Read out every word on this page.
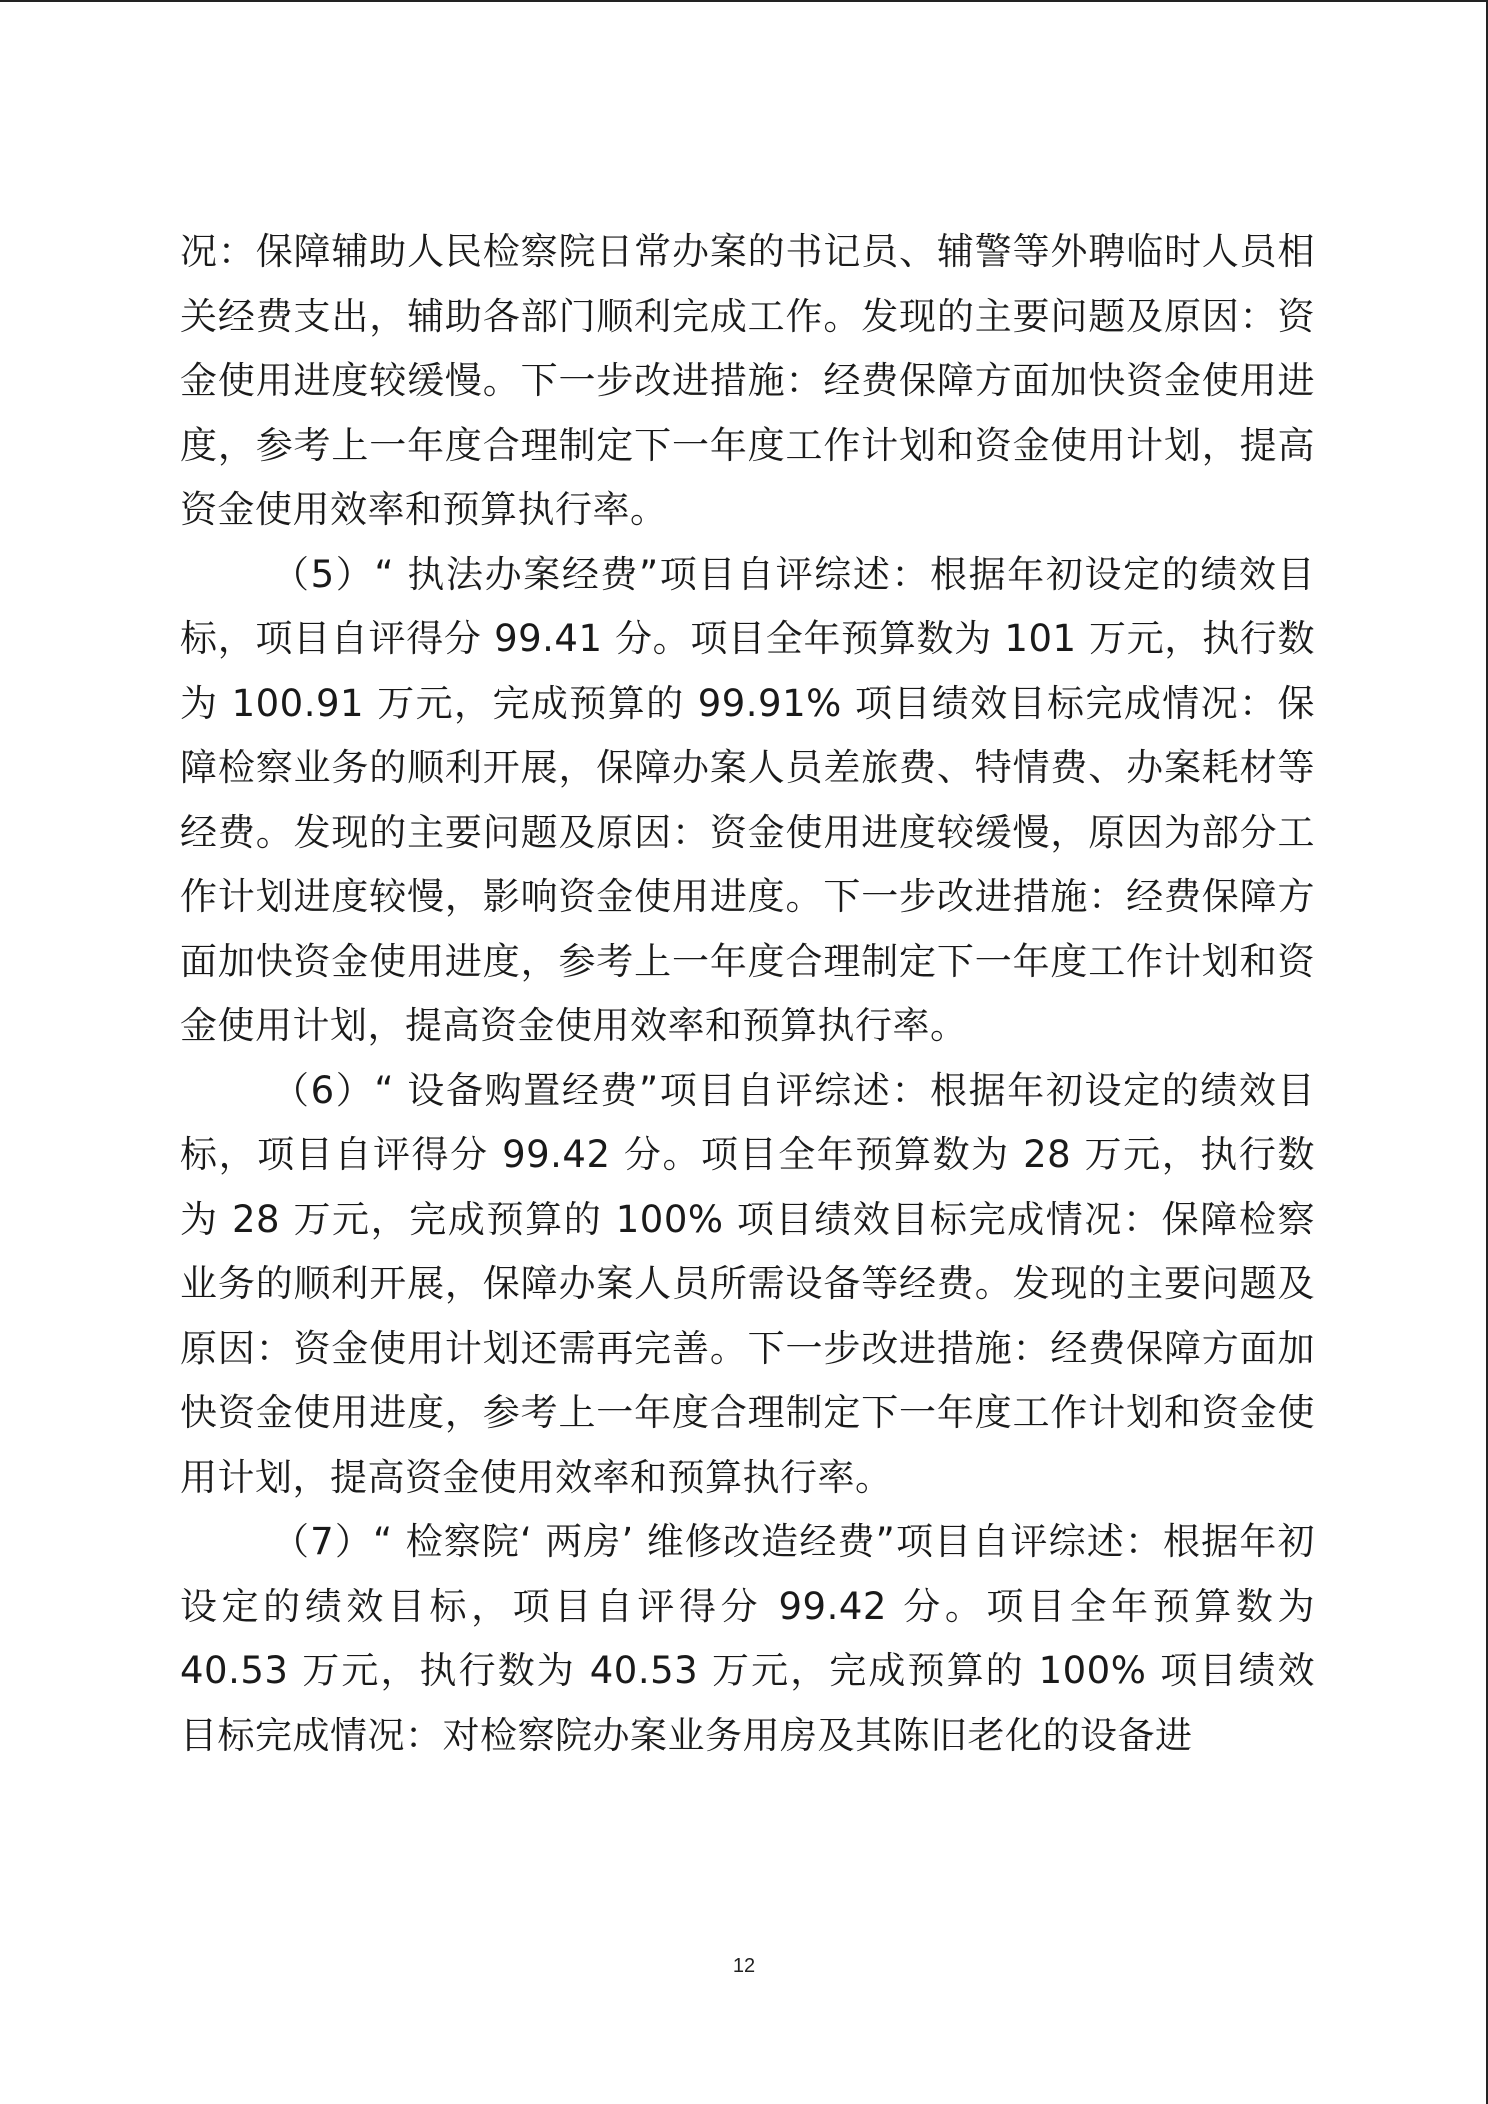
况：保障辅助人民检察院日常办案的书记员、辅警等外聘临时人员相关经费支出，辅助各部门顺利完成工作。发现的主要问题及原因：资金使用进度较缓慢。下一步改进措施：经费保障方面加快资金使用进度，参考上一年度合理制定下一年度工作计划和资金使用计划，提高资金使用效率和预算执行率。

（5）“ 执法办案经费”项目自评综述：根据年初设定的绩效目标，项目自评得分 99.41 分。项目全年预算数为 101 万元，执行数为 100.91 万元，完成预算的 99.91% 项目绩效目标完成情况：保障检察业务的顺利开展，保障办案人员差旅费、特情费、办案耗材等经费。发现的主要问题及原因：资金使用进度较缓慢，原因为部分工作计划进度较慢，影响资金使用进度。下一步改进措施：经费保障方面加快资金使用进度，参考上一年度合理制定下一年度工作计划和资金使用计划，提高资金使用效率和预算执行率。

（6）“ 设备购置经费”项目自评综述：根据年初设定的绩效目标，项目自评得分 99.42 分。项目全年预算数为 28 万元，执行数为 28 万元，完成预算的 100% 项目绩效目标完成情况：保障检察业务的顺利开展，保障办案人员所需设备等经费。发现的主要问题及原因：资金使用计划还需再完善。下一步改进措施：经费保障方面加快资金使用进度，参考上一年度合理制定下一年度工作计划和资金使用计划，提高资金使用效率和预算执行率。

（7）“ 检察院‘ 两房’ 维修改造经费”项目自评综述：根据年初设定的绩效目标，项目自评得分 99.42 分。项目全年预算数为 40.53 万元，执行数为 40.53 万元，完成预算的 100% 项目绩效目标完成情况：对检察院办案业务用房及其陈旧老化的设备进

12
